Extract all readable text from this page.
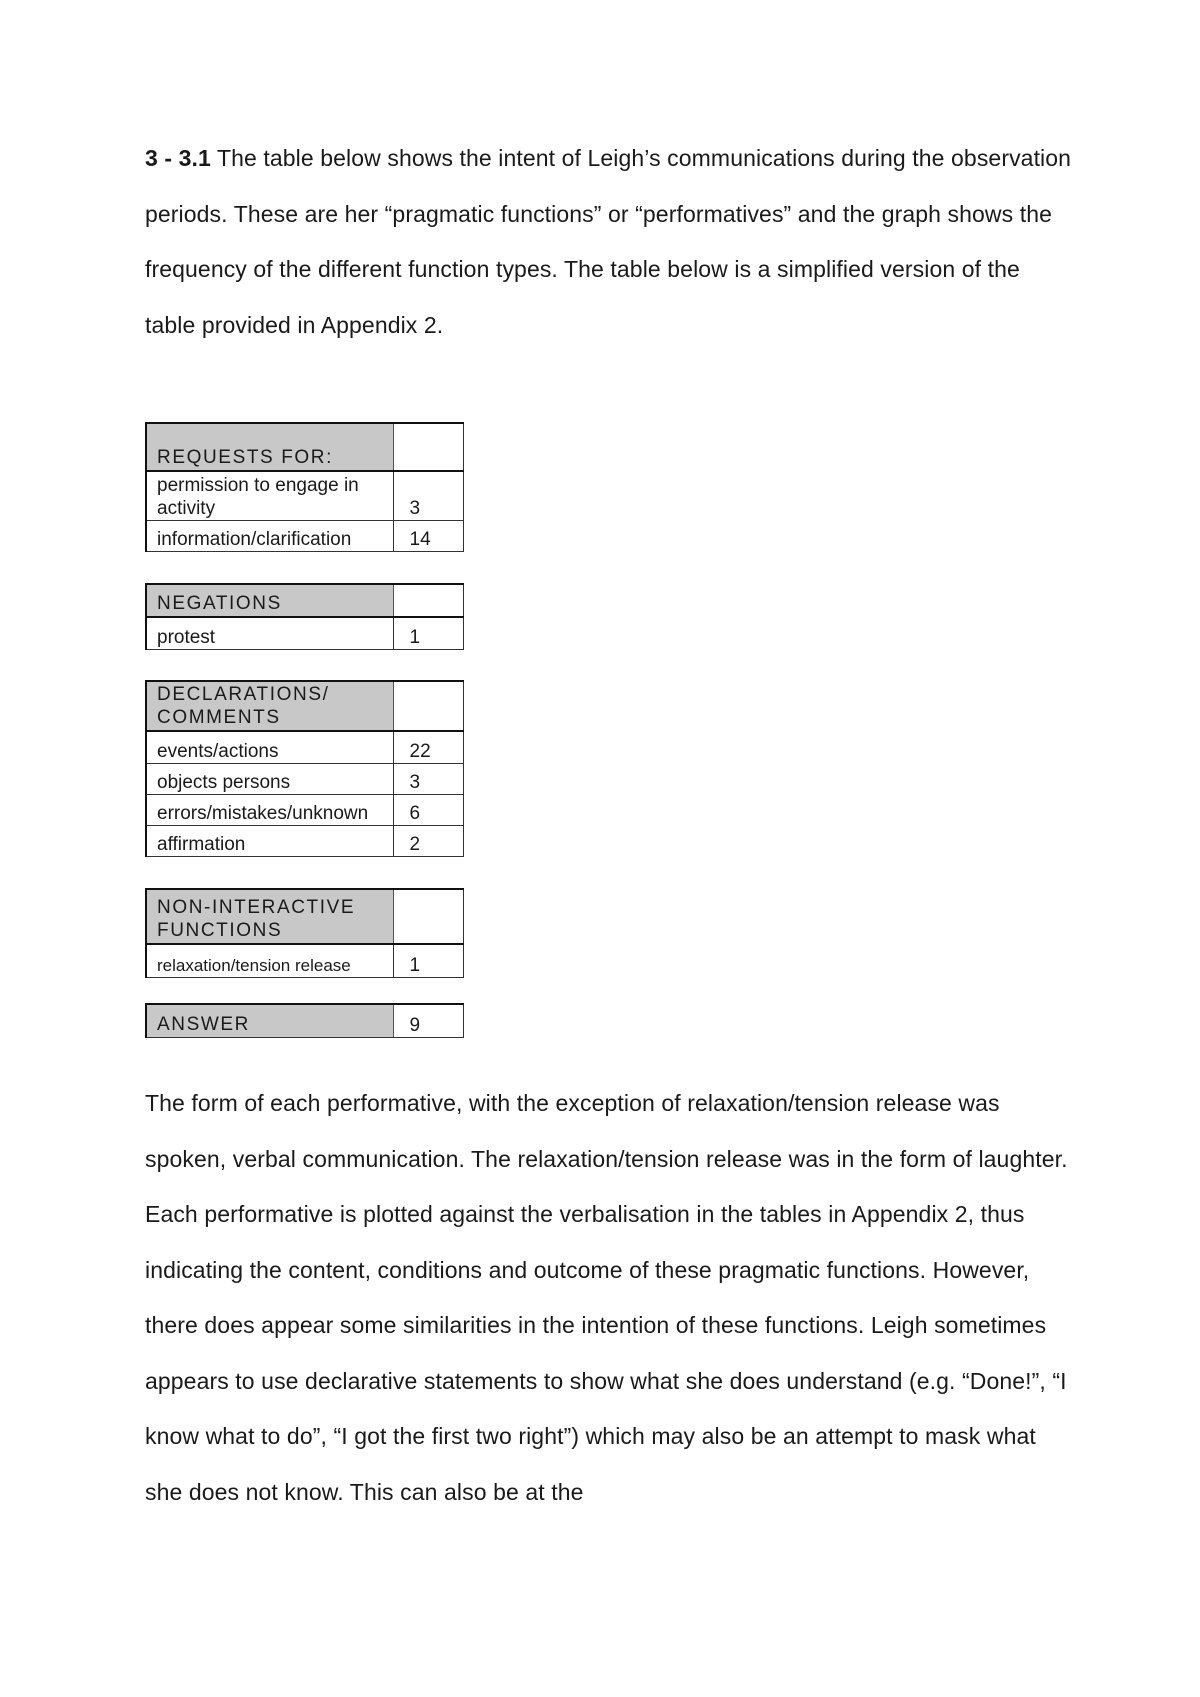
3 - 3.1 The table below shows the intent of Leigh’s communications during the observation periods. These are her “pragmatic functions” or “performatives” and the graph shows the frequency of the different function types. The table below is a simplified version of the table provided in Appendix 2.

REQUESTS FOR:	
permission to engage in activity	3
information/clarification	14
NEGATIONS	
protest	1
DECLARATIONS/ COMMENTS	
events/actions	22
objects persons	3
errors/mistakes/unknown	6
affirmation	2
NON-INTERACTIVE FUNCTIONS	
relaxation/tension release	1
ANSWER	9

The form of each performative, with the exception of relaxation/tension release was spoken, verbal communication. The relaxation/tension release was in the form of laughter. Each performative is plotted against the verbalisation in the tables in Appendix 2, thus indicating the content, conditions and outcome of these pragmatic functions. However, there does appear some similarities in the intention of these functions. Leigh sometimes appears to use declarative statements to show what she does understand (e.g. “Done!”, “I know what to do”, “I got the first two right”) which may also be an attempt to mask what she does not know. This can also be at the
